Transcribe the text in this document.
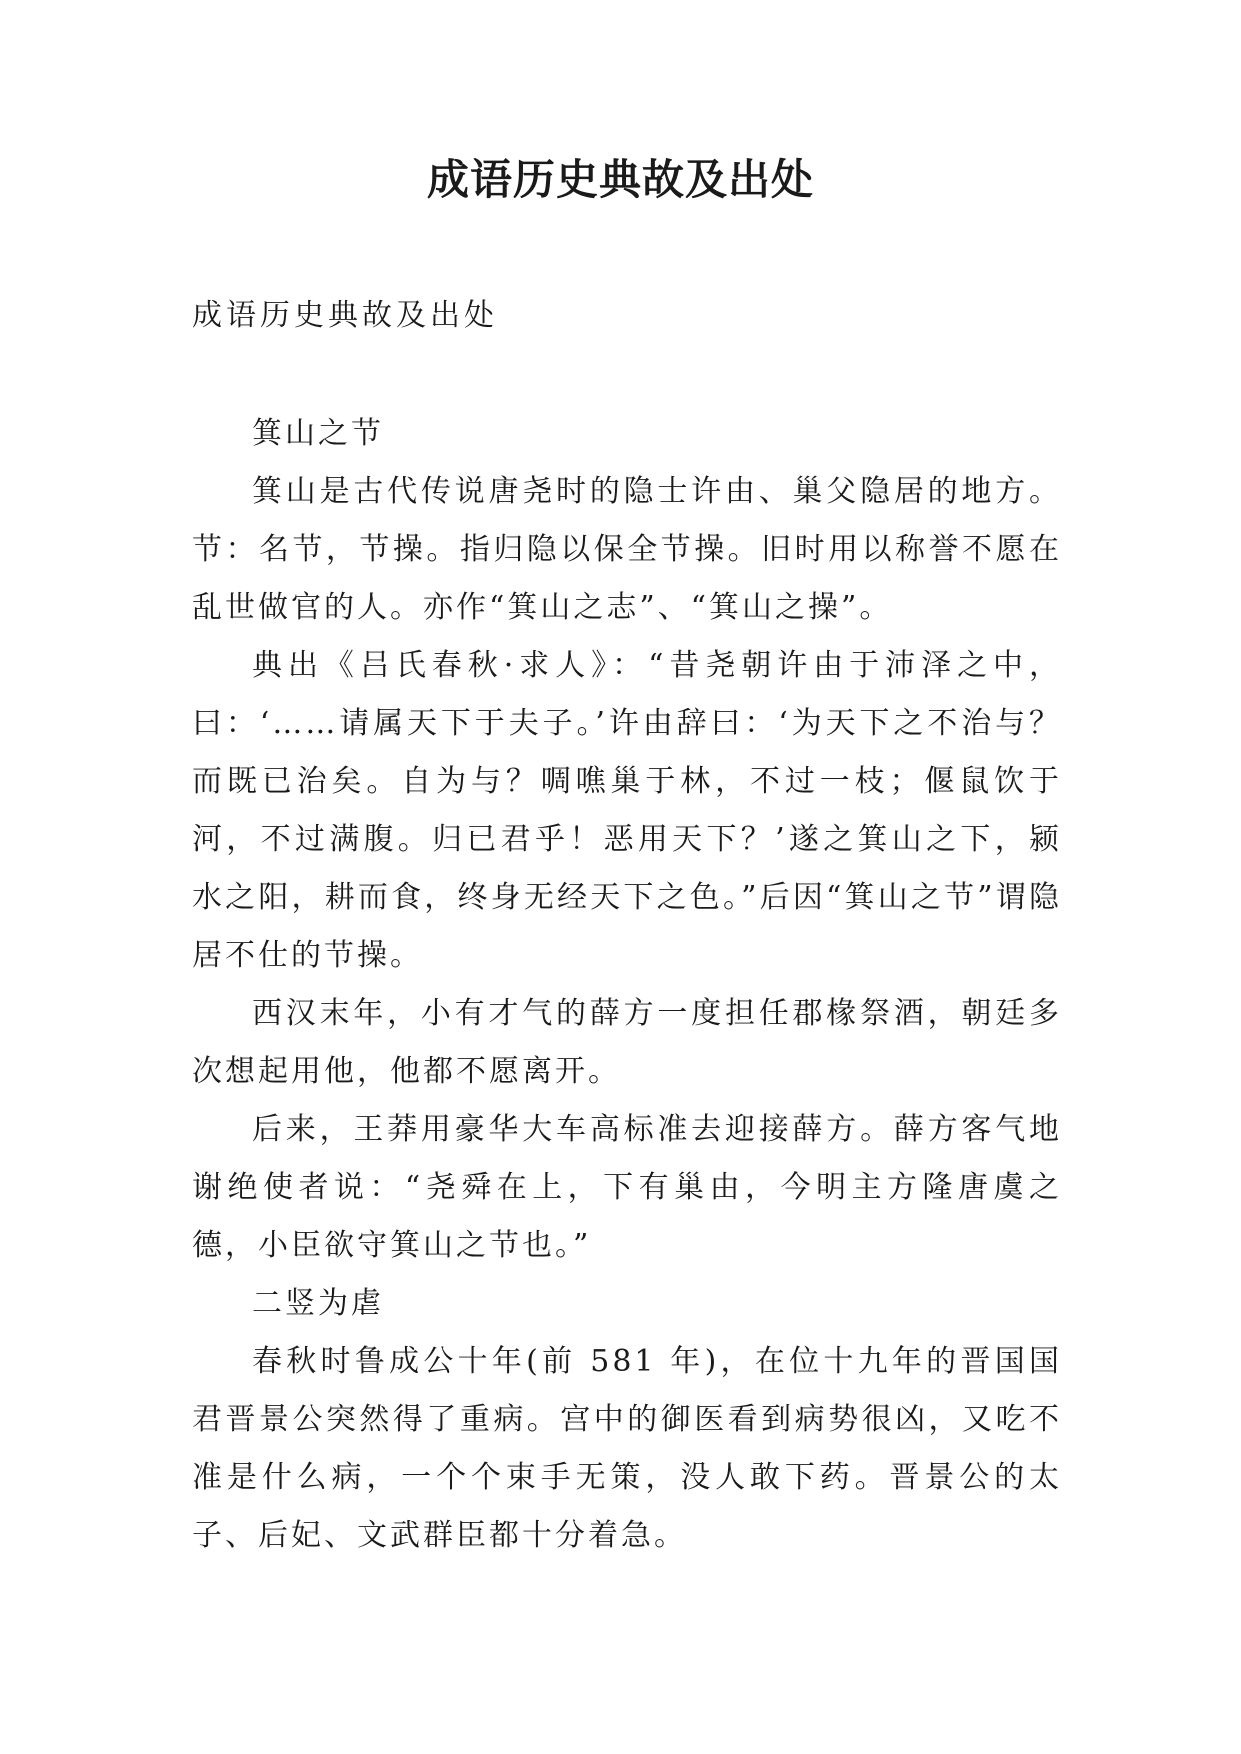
成语历史典故及出处

成语历史典故及出处

箕山之节

箕山是古代传说唐尧时的隐士许由、巢父隐居的地方。节：名节，节操。指归隐以保全节操。旧时用以称誉不愿在乱世做官的人。亦作“箕山之志”、“箕山之操”。

典出《吕氏春秋·求人》：“昔尧朝许由于沛泽之中，曰：‘……请属天下于夫子。’许由辞曰：‘为天下之不治与？而既已治矣。自为与？啁噍巢于林，不过一枝；偃鼠饮于河，不过满腹。归已君乎！恶用天下？’遂之箕山之下，颍水之阳，耕而食，终身无经天下之色。”后因“箕山之节”谓隐居不仕的节操。

西汉末年，小有才气的薛方一度担任郡椽祭酒，朝廷多次想起用他，他都不愿离开。

后来，王莽用豪华大车高标准去迎接薛方。薛方客气地谢绝使者说：“尧舜在上，下有巢由，今明主方隆唐虞之德，小臣欲守箕山之节也。”

二竖为虐

春秋时鲁成公十年(前 581 年)，在位十九年的晋国国君晋景公突然得了重病。宫中的御医看到病势很凶，又吃不准是什么病，一个个束手无策，没人敢下药。晋景公的太子、后妃、文武群臣都十分着急。
